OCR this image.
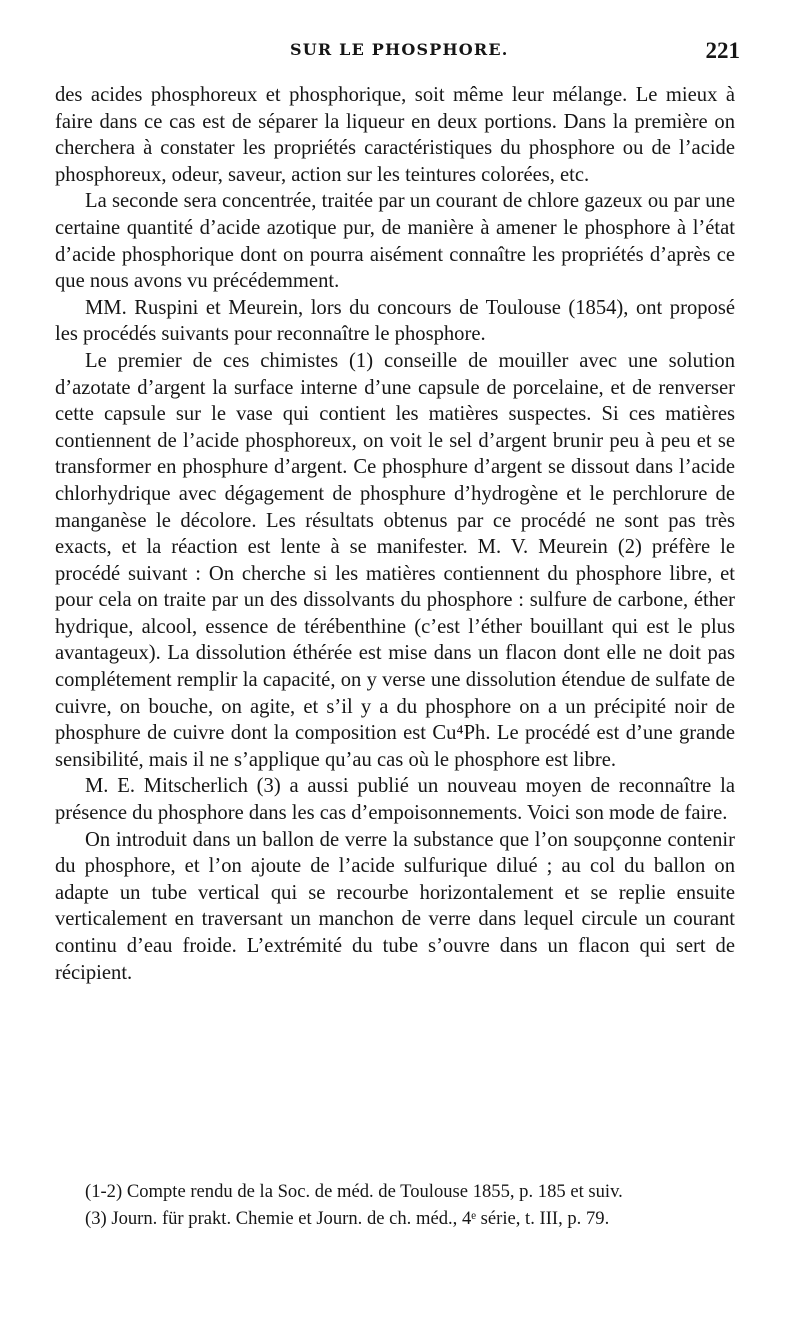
SUR LE PHOSPHORE.	221

des acides phosphoreux et phosphorique, soit même leur mélange. Le mieux à faire dans ce cas est de séparer la liqueur en deux portions. Dans la première on cherchera à constater les propriétés caractéristiques du phosphore ou de l’acide phosphoreux, odeur, saveur, action sur les teintures colorées, etc.

La seconde sera concentrée, traitée par un courant de chlore gazeux ou par une certaine quantité d’acide azotique pur, de manière à amener le phosphore à l’état d’acide phosphorique dont on pourra aisément connaître les propriétés d’après ce que nous avons vu précédemment.

MM. Ruspini et Meurein, lors du concours de Toulouse (1854), ont proposé les procédés suivants pour reconnaître le phosphore.

Le premier de ces chimistes (1) conseille de mouiller avec une solution d’azotate d’argent la surface interne d’une capsule de porcelaine, et de renverser cette capsule sur le vase qui contient les matières suspectes. Si ces matières contiennent de l’acide phosphoreux, on voit le sel d’argent brunir peu à peu et se transformer en phosphure d’argent. Ce phosphure d’argent se dissout dans l’acide chlorhydrique avec dégagement de phosphure d’hydrogène et le perchlorure de manganèse le décolore. Les résultats obtenus par ce procédé ne sont pas très exacts, et la réaction est lente à se manifester. M. V. Meurein (2) préfère le procédé suivant : On cherche si les matières contiennent du phosphore libre, et pour cela on traite par un des dissolvants du phosphore : sulfure de carbone, éther hydrique, alcool, essence de térébenthine (c’est l’éther bouillant qui est le plus avantageux). La dissolution éthérée est mise dans un flacon dont elle ne doit pas complétement remplir la capacité, on y verse une dissolution étendue de sulfate de cuivre, on bouche, on agite, et s’il y a du phosphore on a un précipité noir de phosphure de cuivre dont la composition est Cu⁴Ph. Le procédé est d’une grande sensibilité, mais il ne s’applique qu’au cas où le phosphore est libre.

M. E. Mitscherlich (3) a aussi publié un nouveau moyen de reconnaître la présence du phosphore dans les cas d’empoisonnements. Voici son mode de faire.

On introduit dans un ballon de verre la substance que l’on soupçonne contenir du phosphore, et l’on ajoute de l’acide sulfurique dilué ; au col du ballon on adapte un tube vertical qui se recourbe horizontalement et se replie ensuite verticalement en traversant un manchon de verre dans lequel circule un courant continu d’eau froide. L’extrémité du tube s’ouvre dans un flacon qui sert de récipient.

(1-2) Compte rendu de la Soc. de méd. de Toulouse 1855, p. 185 et suiv.

(3) Journ. für prakt. Chemie et Journ. de ch. méd., 4ᵉ série, t. III, p. 79.
